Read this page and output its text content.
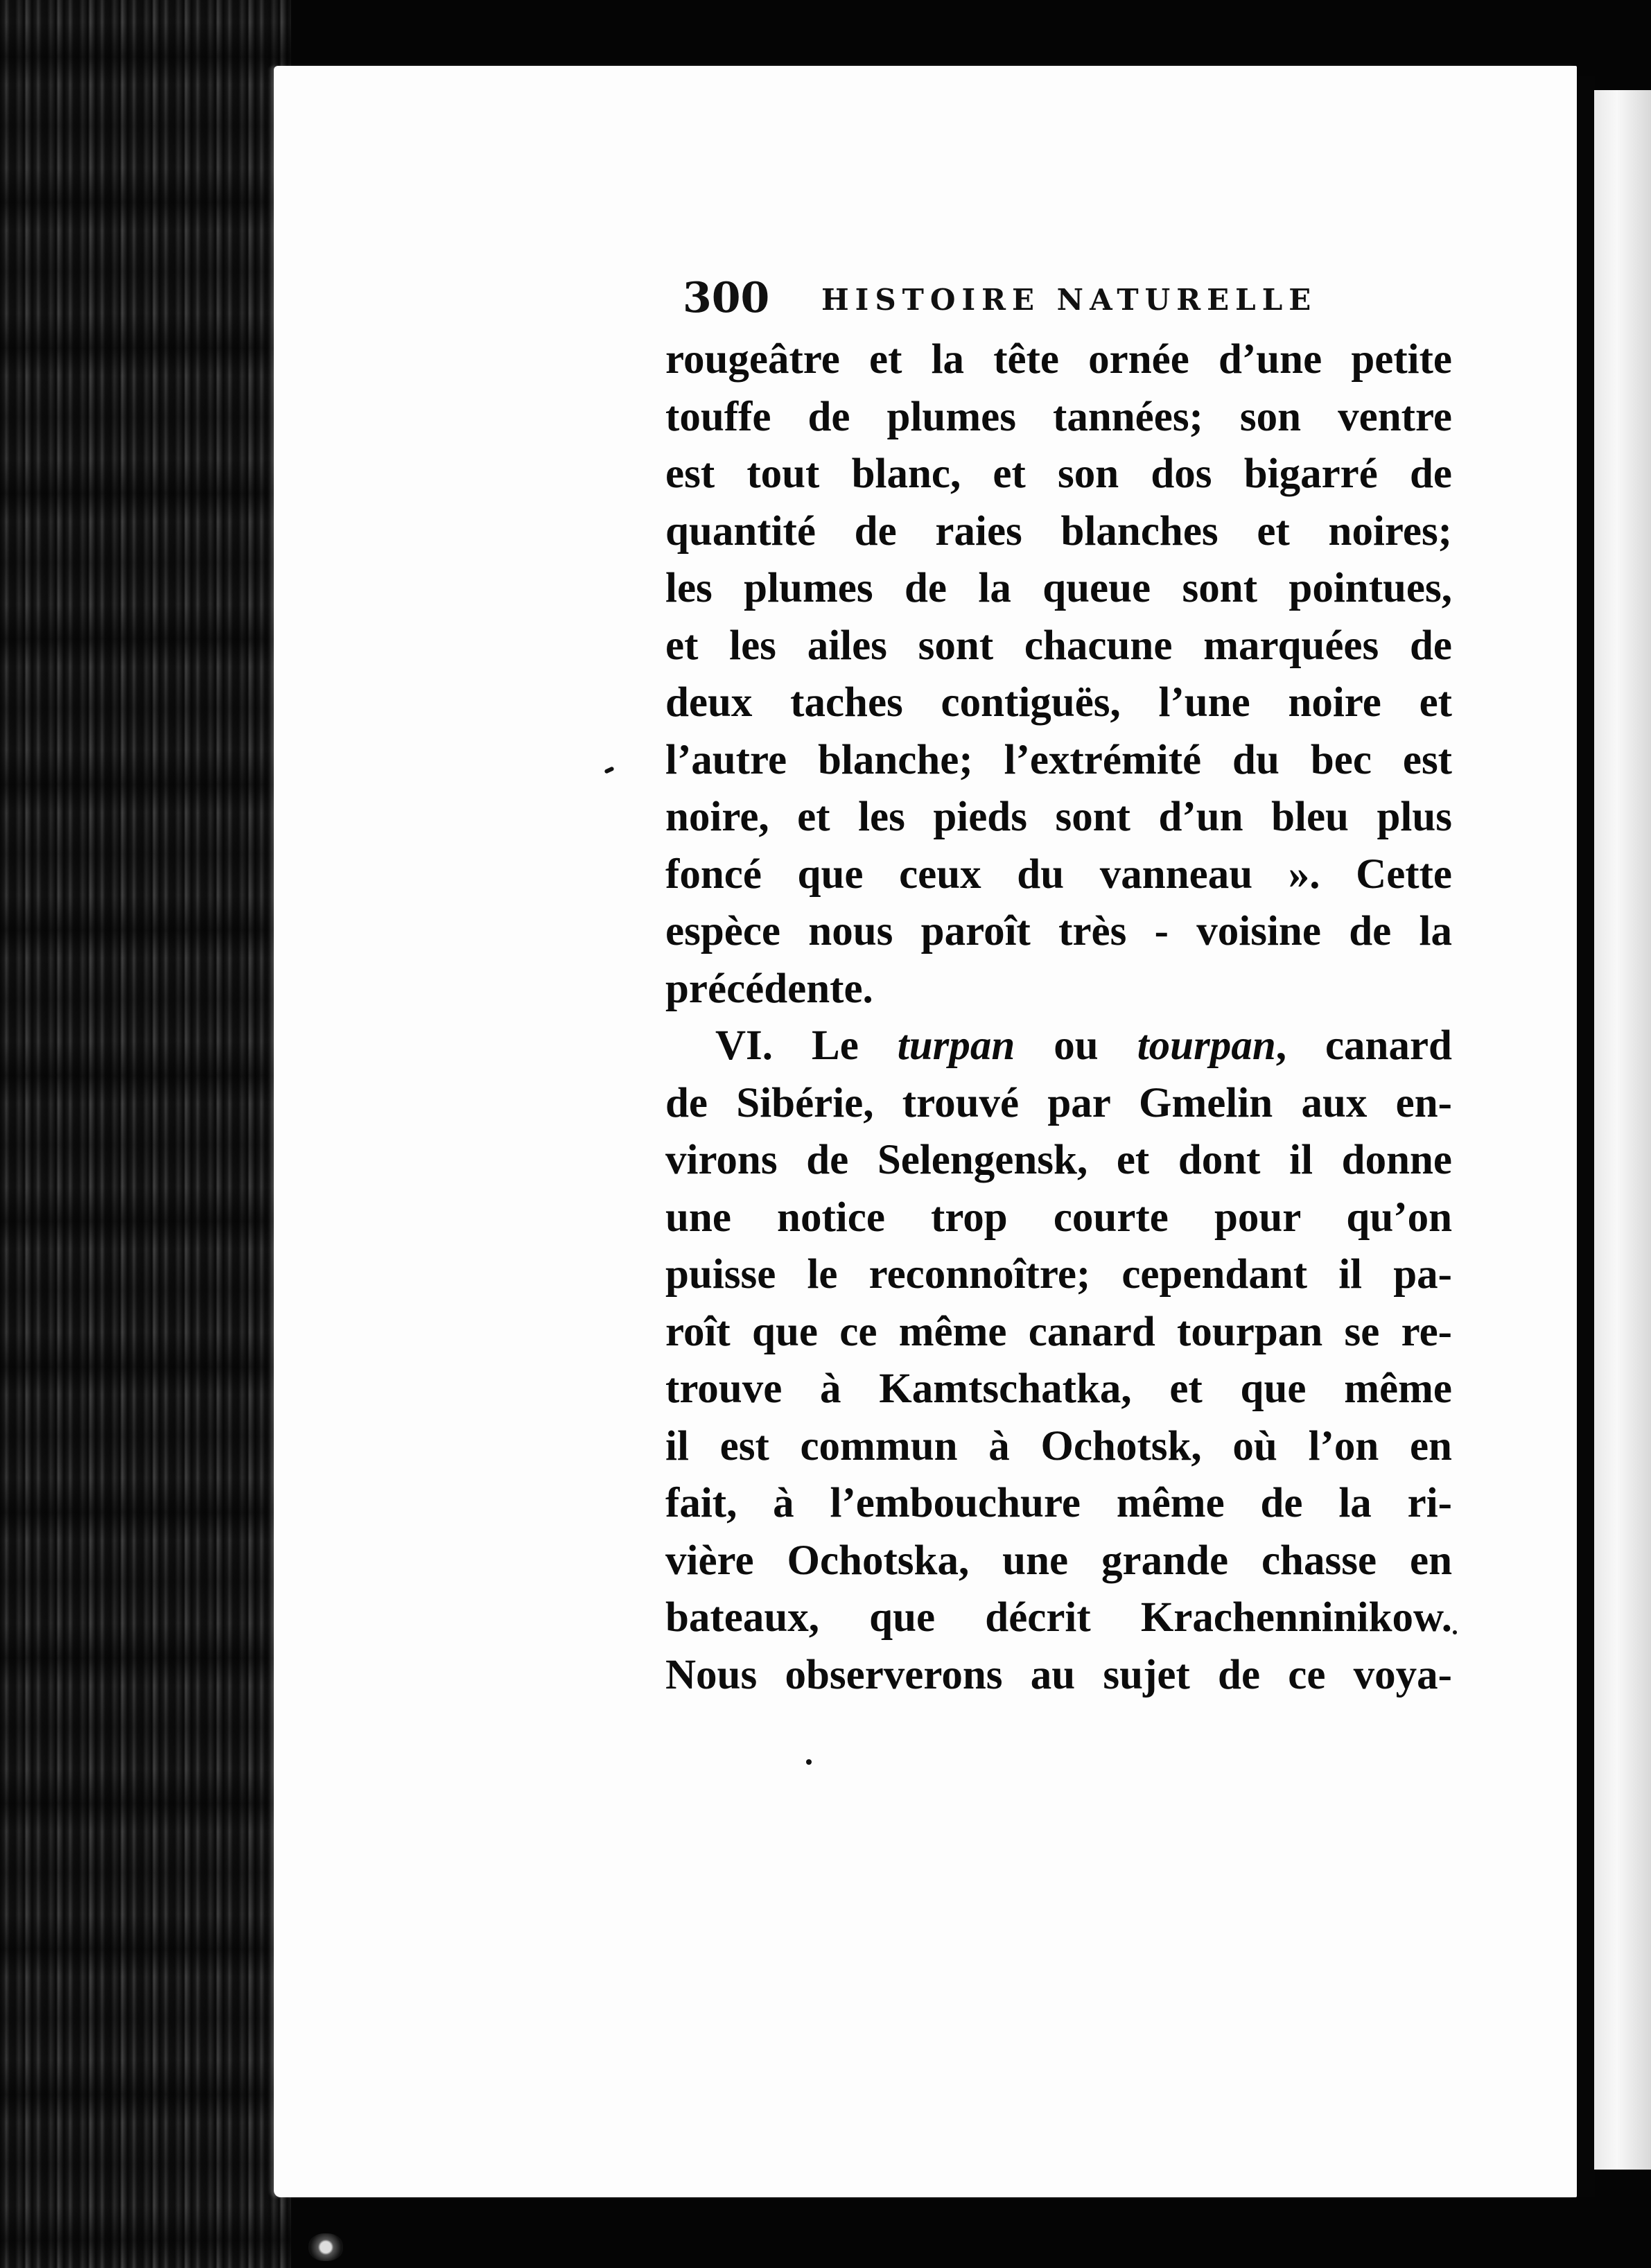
300 HISTOIRE NATURELLE
rougeâtre et la tête ornée d’une petite
touffe de plumes tannées; son ventre
est tout blanc, et son dos bigarré de
quantité de raies blanches et noires;
les plumes de la queue sont pointues,
et les ailes sont chacune marquées de
deux taches contiguës, l’une noire et
l’autre blanche; l’extrémité du bec est
noire, et les pieds sont d’un bleu plus
foncé que ceux du vanneau ». Cette
espèce nous paroît très - voisine de la
précédente.
VI. Le turpan ou tourpan, canard
de Sibérie, trouvé par Gmelin aux en-
virons de Selengensk, et dont il donne
une notice trop courte pour qu’on
puisse le reconnoître; cependant il pa-
roît que ce même canard tourpan se re-
trouve à Kamtschatka, et que même
il est commun à Ochotsk, où l’on en
fait, à l’embouchure même de la ri-
vière Ochotska, une grande chasse en
bateaux, que décrit Krachenninikow.
Nous observerons au sujet de ce voya-
